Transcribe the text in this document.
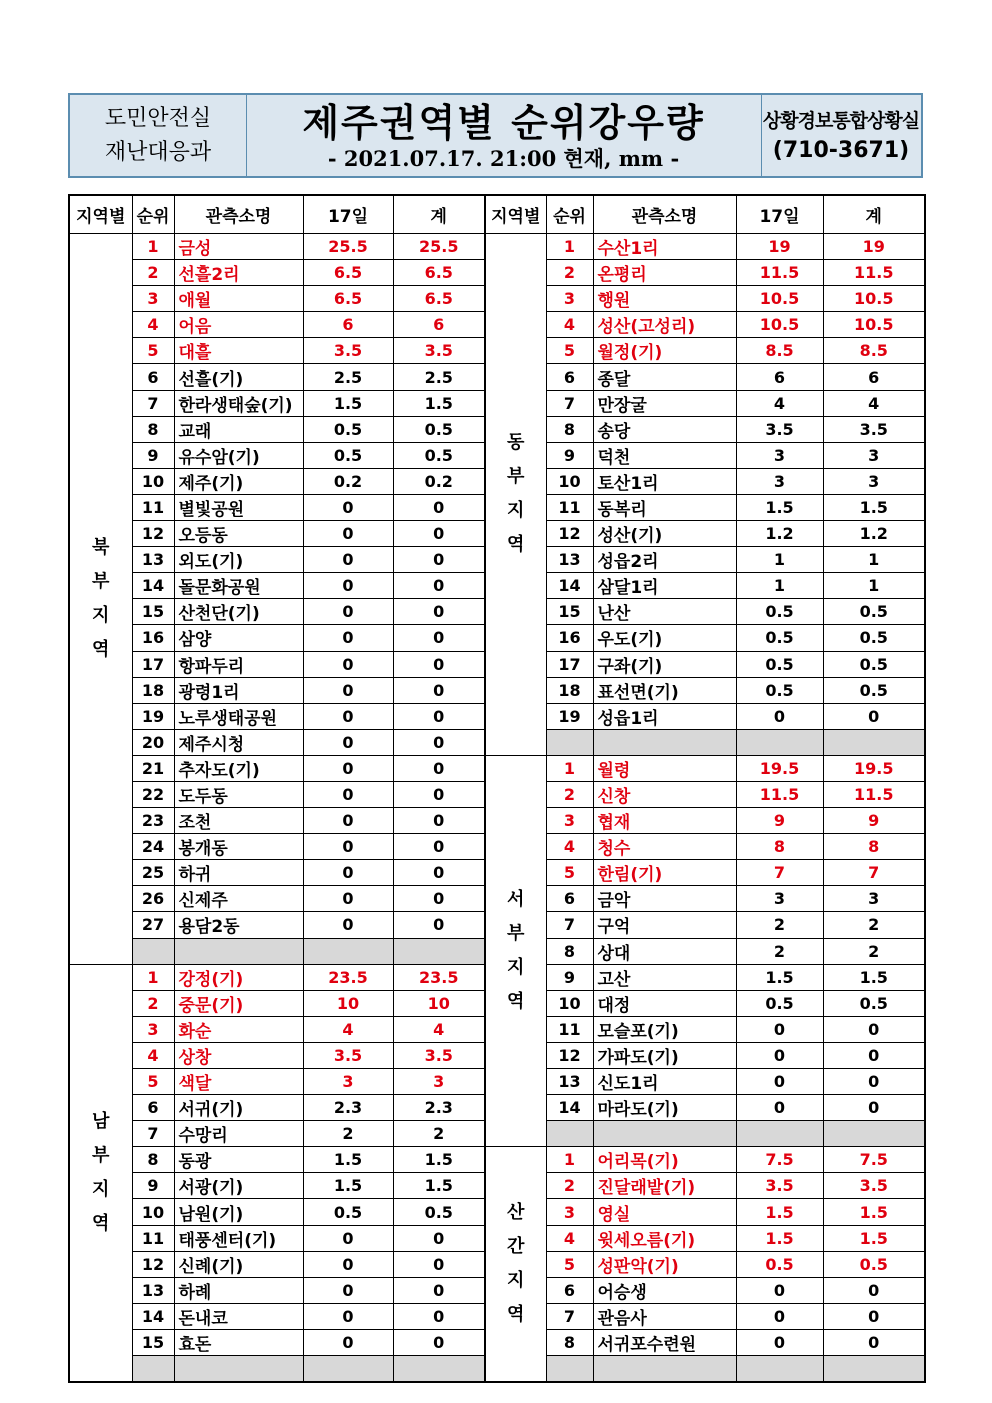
도민안전실
재난대응과
제주권역별 순위강우량
- 2021.07.17. 21:00 현재, mm -
상황경보통합상황실
(710-3671)
지역별	순위	관측소명	17일	계

북
부
지
역	1	금성	25.5	25.5
	2	선흘2리	6.5	6.5
	3	애월	6.5	6.5
	4	어음	6	6
	5	대흘	3.5	3.5
	6	선흘(기)	2.5	2.5
	7	한라생태숲(기)	1.5	1.5
	8	교래	0.5	0.5
	9	유수암(기)	0.5	0.5
	10	제주(기)	0.2	0.2
	11	별빛공원	0	0
	12	오등동	0	0
	13	외도(기)	0	0
	14	돌문화공원	0	0
	15	산천단(기)	0	0
	16	삼양	0	0
	17	항파두리	0	0
	18	광령1리	0	0
	19	노루생태공원	0	0
	20	제주시청	0	0
	21	추자도(기)	0	0
	22	도두동	0	0
	23	조천	0	0
	24	봉개동	0	0
	25	하귀	0	0
	26	신제주	0	0
	27	용담2동	0	0

남
부
지
역	1	강정(기)	23.5	23.5
	2	중문(기)	10	10
	3	화순	4	4
	4	상창	3.5	3.5
	5	색달	3	3
	6	서귀(기)	2.3	2.3
	7	수망리	2	2
	8	동광	1.5	1.5
	9	서광(기)	1.5	1.5
	10	남원(기)	0.5	0.5
	11	태풍센터(기)	0	0
	12	신례(기)	0	0
	13	하례	0	0
	14	돈내코	0	0
	15	효돈	0	0

지역별	순위	관측소명	17일	계

동
부
지
역	1	수산1리	19	19
	2	온평리	11.5	11.5
	3	행원	10.5	10.5
	4	성산(고성리)	10.5	10.5
	5	월정(기)	8.5	8.5
	6	종달	6	6
	7	만장굴	4	4
	8	송당	3.5	3.5
	9	덕천	3	3
	10	토산1리	3	3
	11	동복리	1.5	1.5
	12	성산(기)	1.2	1.2
	13	성읍2리	1	1
	14	삼달1리	1	1
	15	난산	0.5	0.5
	16	우도(기)	0.5	0.5
	17	구좌(기)	0.5	0.5
	18	표선면(기)	0.5	0.5
	19	성읍1리	0	0

서
부
지
역	1	월령	19.5	19.5
	2	신창	11.5	11.5
	3	협재	9	9
	4	청수	8	8
	5	한림(기)	7	7
	6	금악	3	3
	7	구억	2	2
	8	상대	2	2
	9	고산	1.5	1.5
	10	대정	0.5	0.5
	11	모슬포(기)	0	0
	12	가파도(기)	0	0
	13	신도1리	0	0
	14	마라도(기)	0	0

산
간
지
역	1	어리목(기)	7.5	7.5
	2	진달래밭(기)	3.5	3.5
	3	영실	1.5	1.5
	4	윗세오름(기)	1.5	1.5
	5	성판악(기)	0.5	0.5
	6	어승생	0	0
	7	관음사	0	0
	8	서귀포수련원	0	0
